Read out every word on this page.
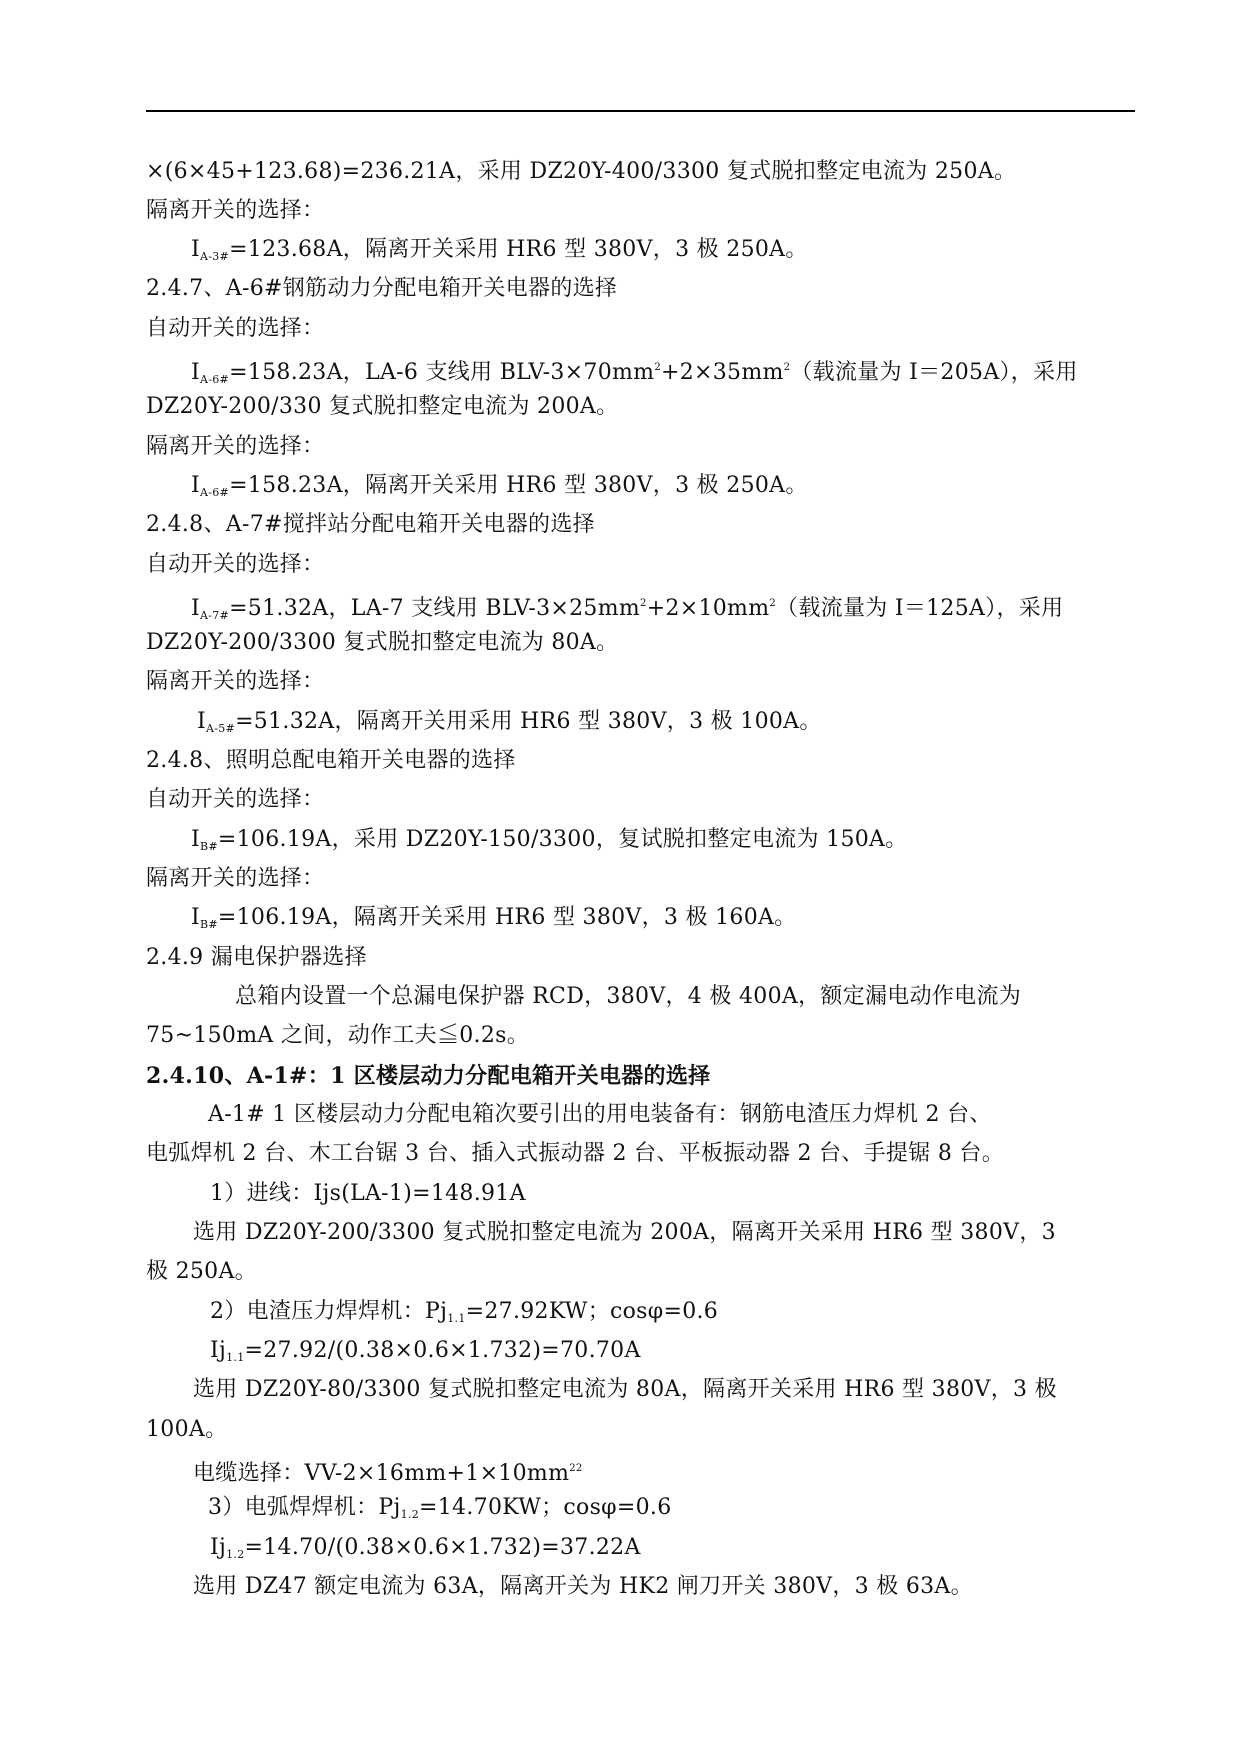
×(6×45+123.68)=236.21A，采用 DZ20Y-400/3300 复式脱扣整定电流为 250A。
隔离开关的选择：
$I_{A-3\#}=123.68A$，隔离开关采用 HR6 型 380V，3 极 250A。
2.4.7、A-6#钢筋动力分配电箱开关电器的选择
自动开关的选择：
$I_{A-6\#}=158.23A$，LA-6 支线用 BLV-$3\times 70mm^2+2\times 35mm^2$（载流量为 I＝205A），采用
DZ20Y-200/330 复式脱扣整定电流为 200A。
隔离开关的选择：
$I_{A-6\#}=158.23A$，隔离开关采用 HR6 型 380V，3 极 250A。
2.4.8、A-7#搅拌站分配电箱开关电器的选择
自动开关的选择：
$I_{A-7\#}=51.32A$，LA-7 支线用 BLV-$3\times 25mm^2+2\times 10mm^2$（载流量为 I＝125A），采用
DZ20Y-200/3300 复式脱扣整定电流为 80A。
隔离开关的选择：
$I_{A-5\#}=51.32A$，隔离开关用采用 HR6 型 380V，3 极 100A。
2.4.8、照明总配电箱开关电器的选择
自动开关的选择：
$I_{B\#}=106.19A$，采用 DZ20Y-150/3300，复试脱扣整定电流为 150A。
隔离开关的选择：
$I_{B\#}=106.19A$，隔离开关采用 HR6 型 380V，3 极 160A。
2.4.9 漏电保护器选择
总箱内设置一个总漏电保护器 RCD，380V，4 极 400A，额定漏电动作电流为
75~150mA 之间，动作工夫≦0.2s。
2.4.10、A-1#：1 区楼层动力分配电箱开关电器的选择
A-1# 1 区楼层动力分配电箱次要引出的用电装备有：钢筋电渣压力焊机 2 台、
电弧焊机 2 台、木工台锯 3 台、插入式振动器 2 台、平板振动器 2 台、手提锯 8 台。
1）进线：Ijs(LA-1)=148.91A
选用 DZ20Y-200/3300 复式脱扣整定电流为 200A，隔离开关采用 HR6 型 380V，3
极 250A。
2）电渣压力焊焊机：$Pj_{1.1}=27.92KW$；cosφ=0.6
$Ij_{1.1}=27.92/(0.38\times 0.6\times 1.732)=70.70A$
选用 DZ20Y-80/3300 复式脱扣整定电流为 80A，隔离开关采用 HR6 型 380V，3 极
100A。
电缆选择：$VV-2\times 16mm+1\times 10mm^{22}$
3）电弧焊焊机：$Pj_{1.2}=14.70KW$；cosφ=0.6
$Ij_{1.2}=14.70/(0.38\times 0.6\times 1.732)=37.22A$
选用 DZ47 额定电流为 63A，隔离开关为 HK2 闸刀开关 380V，3 极 63A。
